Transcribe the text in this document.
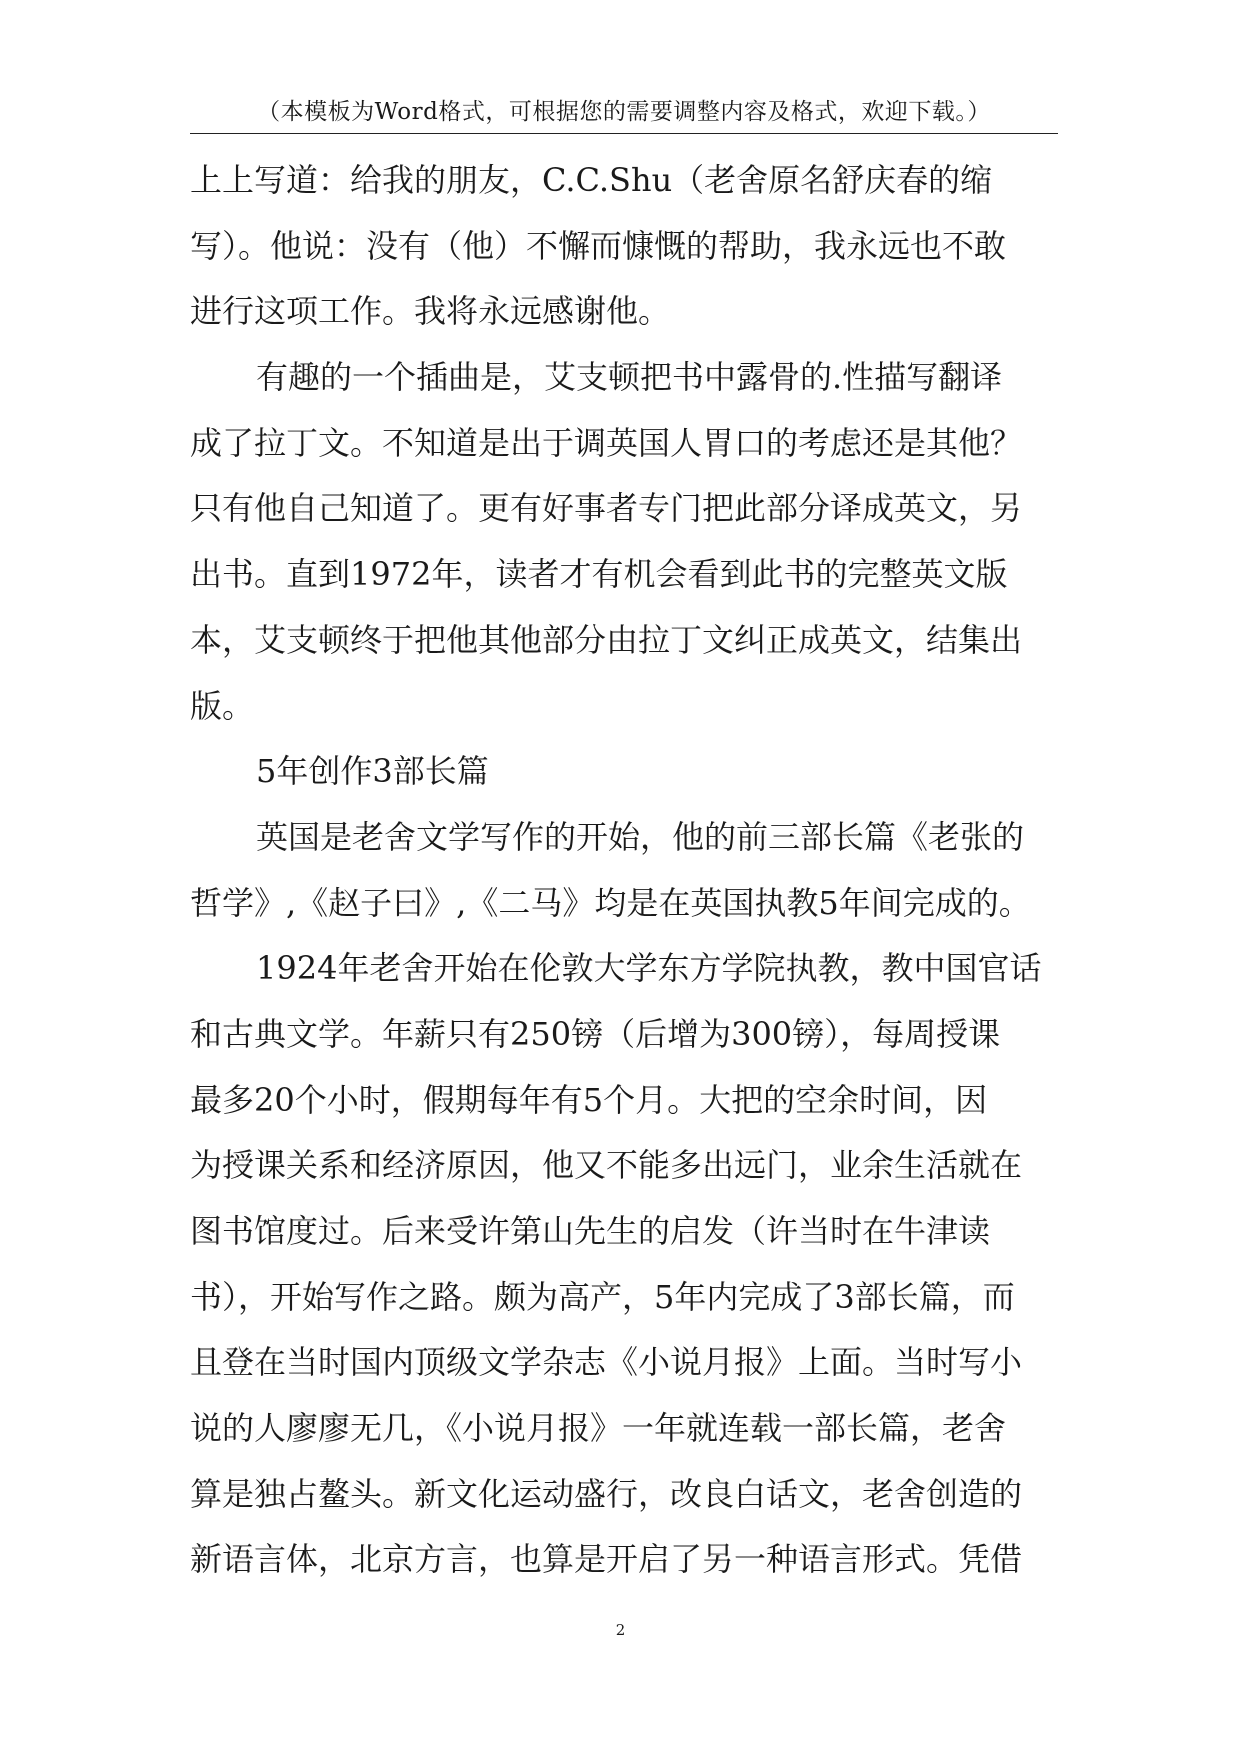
（本模板为Word格式，可根据您的需要调整内容及格式，欢迎下载。）
上上写道：给我的朋友，C.C.Shu（老舍原名舒庆春的缩
写）。他说：没有（他）不懈而慷慨的帮助，我永远也不敢
进行这项工作。我将永远感谢他。
有趣的一个插曲是，艾支顿把书中露骨的.性描写翻译
成了拉丁文。不知道是出于调英国人胃口的考虑还是其他？
只有他自己知道了。更有好事者专门把此部分译成英文，另
出书。直到1972年，读者才有机会看到此书的完整英文版
本，艾支顿终于把他其他部分由拉丁文纠正成英文，结集出
版。
5年创作3部长篇
英国是老舍文学写作的开始，他的前三部长篇《老张的
哲学》,《赵子曰》,《二马》均是在英国执教5年间完成的。
1924年老舍开始在伦敦大学东方学院执教，教中国官话
和古典文学。年薪只有250镑（后增为300镑），每周授课
最多20个小时，假期每年有5个月。大把的空余时间，因
为授课关系和经济原因，他又不能多出远门，业余生活就在
图书馆度过。后来受许第山先生的启发（许当时在牛津读
书），开始写作之路。颇为高产，5年内完成了3部长篇，而
且登在当时国内顶级文学杂志《小说月报》上面。当时写小
说的人廖廖无几，《小说月报》一年就连载一部长篇，老舍
算是独占鳌头。新文化运动盛行，改良白话文，老舍创造的
新语言体，北京方言，也算是开启了另一种语言形式。凭借
2
